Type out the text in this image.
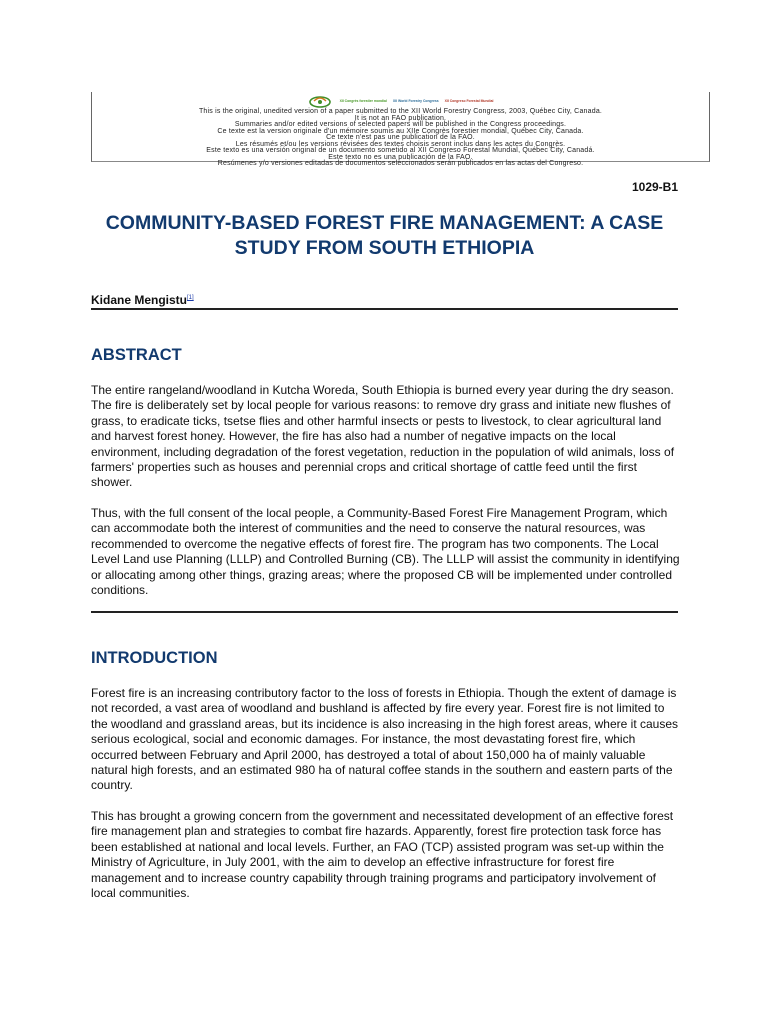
XII Congrès forestier mondial XII World Forestry Congress XII Congreso Forestal Mundial
This is the original, unedited version of a paper submitted to the XII World Forestry Congress, 2003, Québec City, Canada.
It is not an FAO publication.
Summaries and/or edited versions of selected papers will be published in the Congress proceedings.
Ce texte est la version originale d'un mémoire soumis au XIIe Congrès forestier mondial, Québec City, Canada.
Ce texte n'est pas une publication de la FAO.
Les résumés et/ou les versions révisées des textes choisis seront inclus dans les actes du Congrès.
Este texto es una versión original de un documento sometido al XII Congreso Forestal Mundial, Québec City, Canadá.
Este texto no es una publicación de la FAO.
Resúmenes y/o versiones editadas de documentos seleccionados serán publicados en las actas del Congreso.
1029-B1
COMMUNITY-BASED FOREST FIRE MANAGEMENT: A CASE STUDY FROM SOUTH ETHIOPIA
Kidane Mengistu[1]
ABSTRACT

The entire rangeland/woodland in Kutcha Woreda, South Ethiopia is burned every year during the dry season. The fire is deliberately set by local people for various reasons: to remove dry grass and initiate new flushes of grass, to eradicate ticks, tsetse flies and other harmful insects or pests to livestock, to clear agricultural land and harvest forest honey. However, the fire has also had a number of negative impacts on the local environment, including degradation of the forest vegetation, reduction in the population of wild animals, loss of farmers' properties such as houses and perennial crops and critical shortage of cattle feed until the first shower.

Thus, with the full consent of the local people, a Community-Based Forest Fire Management Program, which can accommodate both the interest of communities and the need to conserve the natural resources, was recommended to overcome the negative effects of forest fire. The program has two components. The Local Level Land use Planning (LLLP) and Controlled Burning (CB). The LLLP will assist the community in identifying or allocating among other things, grazing areas; where the proposed CB will be implemented under controlled conditions.

INTRODUCTION

Forest fire is an increasing contributory factor to the loss of forests in Ethiopia. Though the extent of damage is not recorded, a vast area of woodland and bushland is affected by fire every year. Forest fire is not limited to the woodland and grassland areas, but its incidence is also increasing in the high forest areas, where it causes serious ecological, social and economic damages. For instance, the most devastating forest fire, which occurred between February and April 2000, has destroyed a total of about 150,000 ha of mainly valuable natural high forests, and an estimated 980 ha of natural coffee stands in the southern and eastern parts of the country.

This has brought a growing concern from the government and necessitated development of an effective forest fire management plan and strategies to combat fire hazards. Apparently, forest fire protection task force has been established at national and local levels. Further, an FAO (TCP) assisted program was set-up within the Ministry of Agriculture, in July 2001, with the aim to develop an effective infrastructure for forest fire management and to increase country capability through training programs and participatory involvement of local communities.
